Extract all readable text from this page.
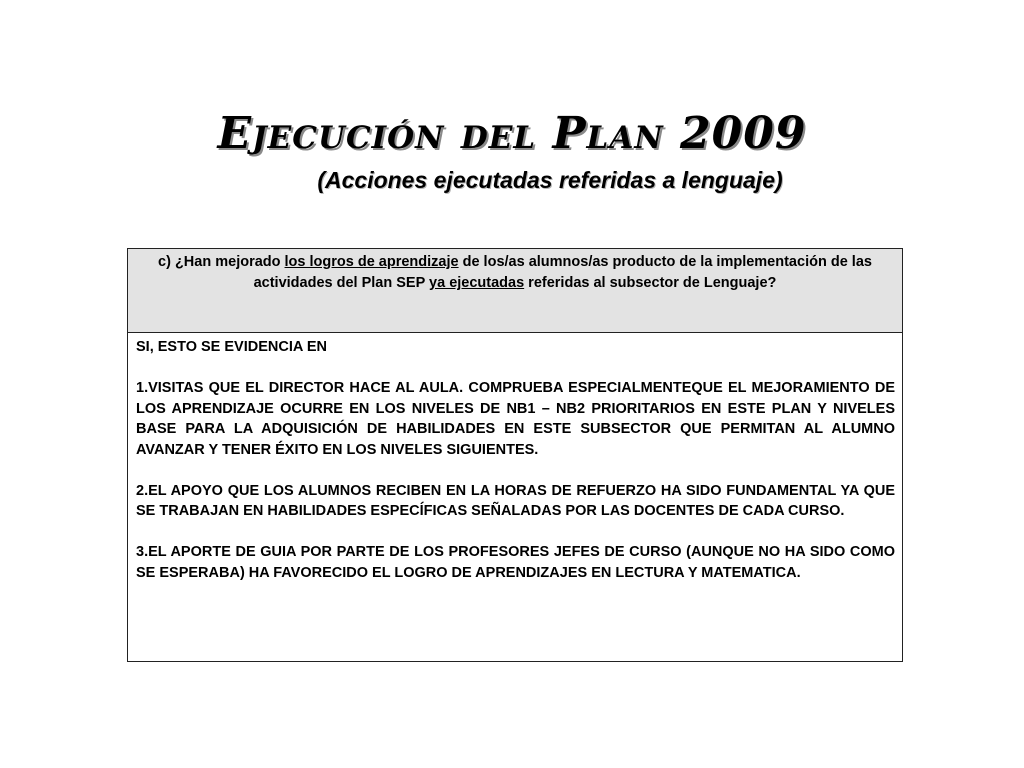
Ejecución del Plan 2009
(Acciones ejecutadas referidas a lenguaje)
c) ¿Han mejorado los logros de aprendizaje de los/as alumnos/as producto de la implementación de las actividades del Plan SEP ya ejecutadas referidas al subsector de Lenguaje?

SI, ESTO SE EVIDENCIA EN

1.VISITAS QUE EL DIRECTOR HACE AL AULA. COMPRUEBA ESPECIALMENTEQUE EL MEJORAMIENTO DE LOS APRENDIZAJE OCURRE EN LOS NIVELES DE NB1 – NB2 PRIORITARIOS EN ESTE PLAN Y NIVELES BASE PARA LA ADQUISICIÓN DE HABILIDADES EN ESTE SUBSECTOR QUE PERMITAN AL ALUMNO AVANZAR Y TENER ÉXITO EN LOS NIVELES SIGUIENTES.

2.EL APOYO QUE LOS ALUMNOS RECIBEN EN LA HORAS DE REFUERZO HA SIDO FUNDAMENTAL YA QUE SE TRABAJAN EN HABILIDADES ESPECÍFICAS SEÑALADAS POR LAS DOCENTES DE CADA CURSO.

3.EL APORTE DE GUIA POR PARTE DE LOS PROFESORES JEFES DE CURSO (AUNQUE NO HA SIDO COMO SE ESPERABA) HA FAVORECIDO EL LOGRO DE APRENDIZAJES EN LECTURA Y MATEMATICA.
